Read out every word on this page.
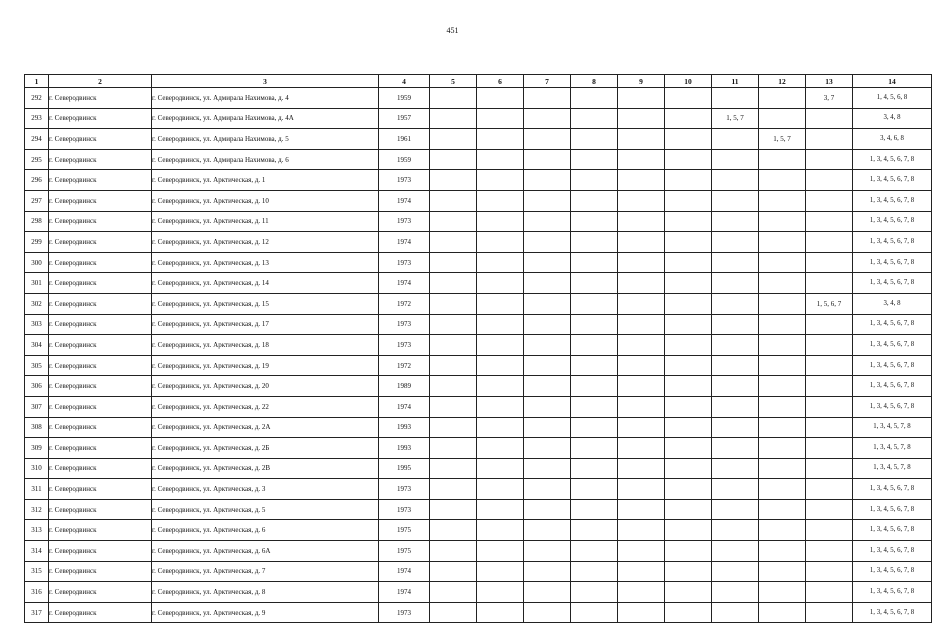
451
1	2	3	4	5	6	7	8	9	10	11	12	13	14
292	г. Северодвинск	г. Северодвинск, ул. Адмирала Нахимова, д. 4	1959									3, 7	1, 4, 5, 6, 8
293	г. Северодвинск	г. Северодвинск, ул. Адмирала Нахимова, д. 4А	1957							1, 5, 7			3, 4, 8
294	г. Северодвинск	г. Северодвинск, ул. Адмирала Нахимова, д. 5	1961								1, 5, 7		3, 4, 6, 8
295	г. Северодвинск	г. Северодвинск, ул. Адмирала Нахимова, д. 6	1959										1, 3, 4, 5, 6, 7, 8
296	г. Северодвинск	г. Северодвинск, ул. Арктическая, д. 1	1973										1, 3, 4, 5, 6, 7, 8
297	г. Северодвинск	г. Северодвинск, ул. Арктическая, д. 10	1974										1, 3, 4, 5, 6, 7, 8
298	г. Северодвинск	г. Северодвинск, ул. Арктическая, д. 11	1973										1, 3, 4, 5, 6, 7, 8
299	г. Северодвинск	г. Северодвинск, ул. Арктическая, д. 12	1974										1, 3, 4, 5, 6, 7, 8
300	г. Северодвинск	г. Северодвинск, ул. Арктическая, д. 13	1973										1, 3, 4, 5, 6, 7, 8
301	г. Северодвинск	г. Северодвинск, ул. Арктическая, д. 14	1974										1, 3, 4, 5, 6, 7, 8
302	г. Северодвинск	г. Северодвинск, ул. Арктическая, д. 15	1972									1, 5, 6, 7	3, 4, 8
303	г. Северодвинск	г. Северодвинск, ул. Арктическая, д. 17	1973										1, 3, 4, 5, 6, 7, 8
304	г. Северодвинск	г. Северодвинск, ул. Арктическая, д. 18	1973										1, 3, 4, 5, 6, 7, 8
305	г. Северодвинск	г. Северодвинск, ул. Арктическая, д. 19	1972										1, 3, 4, 5, 6, 7, 8
306	г. Северодвинск	г. Северодвинск, ул. Арктическая, д. 20	1989										1, 3, 4, 5, 6, 7, 8
307	г. Северодвинск	г. Северодвинск, ул. Арктическая, д. 22	1974										1, 3, 4, 5, 6, 7, 8
308	г. Северодвинск	г. Северодвинск, ул. Арктическая, д. 2А	1993										1, 3, 4, 5, 7, 8
309	г. Северодвинск	г. Северодвинск, ул. Арктическая, д. 2Б	1993										1, 3, 4, 5, 7, 8
310	г. Северодвинск	г. Северодвинск, ул. Арктическая, д. 2В	1995										1, 3, 4, 5, 7, 8
311	г. Северодвинск	г. Северодвинск, ул. Арктическая, д. 3	1973										1, 3, 4, 5, 6, 7, 8
312	г. Северодвинск	г. Северодвинск, ул. Арктическая, д. 5	1973										1, 3, 4, 5, 6, 7, 8
313	г. Северодвинск	г. Северодвинск, ул. Арктическая, д. 6	1975										1, 3, 4, 5, 6, 7, 8
314	г. Северодвинск	г. Северодвинск, ул. Арктическая, д. 6А	1975										1, 3, 4, 5, 6, 7, 8
315	г. Северодвинск	г. Северодвинск, ул. Арктическая, д. 7	1974										1, 3, 4, 5, 6, 7, 8
316	г. Северодвинск	г. Северодвинск, ул. Арктическая, д. 8	1974										1, 3, 4, 5, 6, 7, 8
317	г. Северодвинск	г. Северодвинск, ул. Арктическая, д. 9	1973										1, 3, 4, 5, 6, 7, 8
